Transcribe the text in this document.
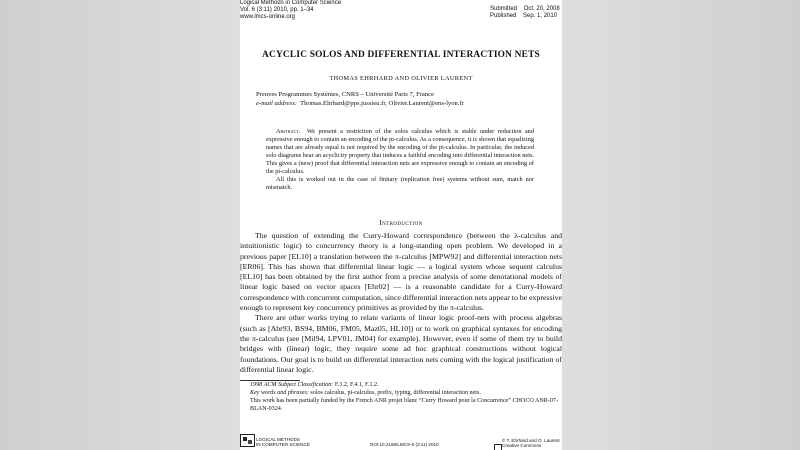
Logical Methods in Computer Science
Vol. 6 (3:11) 2010, pp. 1–34
www.lmcs-online.org
Submitted Oct. 20, 2008
Published Sep. 1, 2010
ACYCLIC SOLOS AND DIFFERENTIAL INTERACTION NETS
THOMAS EHRHARD AND OLIVIER LAURENT
Preuves Programmes Systèmes, CNRS – Université Paris 7, France
e-mail address: Thomas.Ehrhard@pps.jussieu.fr, Olivier.Laurent@ens-lyon.fr
Abstract. We present a restriction of the solos calculus which is stable under reduction and expressive enough to contain an encoding of the pi-calculus. As a consequence, it is shown that equalizing names that are already equal is not required by the encoding of the pi-calculus. In particular, the induced solo diagrams bear an acyclicity property that induces a faithful encoding into differential interaction nets. This gives a (new) proof that differential interaction nets are expressive enough to contain an encoding of the pi-calculus.
All this is worked out in the case of finitary (replication free) systems without sum, match nor mismatch.
Introduction

The question of extending the Curry-Howard correspondence (between the λ-calculus and intuitionistic logic) to concurrency theory is a long-standing open problem. We developed in a previous paper [EL10] a translation between the π-calculus [MPW92] and differential interaction nets [ER06]. This has shown that differential linear logic — a logical system whose sequent calculus [EL10] has been obtained by the first author from a precise analysis of some denotational models of linear logic based on vector spaces [Ehr02] — is a reasonable candidate for a Curry-Howard correspondence with concurrent computation, since differential interaction nets appear to be expressive enough to represent key concurrency primitives as provided by the π-calculus.

There are other works trying to relate variants of linear logic proof-nets with process algebras (such as [Abr93, BS94, BM06, FM05, Maz05, HL10]) or to work on graphical syntaxes for encoding the π-calculus (see [Mil94, LPV01, JM04] for example). However, even if some of them try to build bridges with (linear) logic, they require some ad hoc graphical constructions without logical foundations. Our goal is to build on differential interaction nets coming with the logical justification of differential linear logic.

1998 ACM Subject Classification: F.3.2, F.4.1, F.1.2.
Key words and phrases: solos calculus, pi-calculus, prefix, typing, differential interaction nets.
This work has been partially funded by the French ANR projet blanc “Curry Howard pour la Concurrence” CHOCO ANR-07-BLAN-0324.
LOGICAL METHODS
IN COMPUTER SCIENCE	DOI:10.2168/LMCS-6 (3:11) 2010
© T. Ehrhard and O. Laurent
Creative Commons
